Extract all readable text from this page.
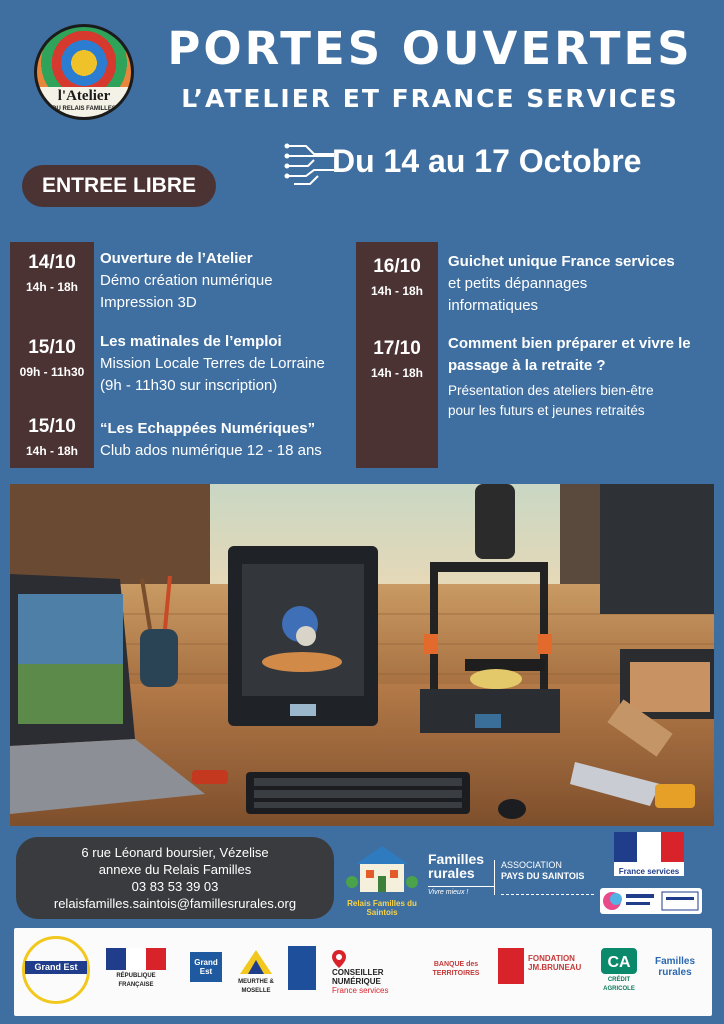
l'Atelier
DU RELAIS FAMILLES
PORTES OUVERTES
L’ATELIER ET FRANCE SERVICES
Du 14 au 17 Octobre
ENTREE LIBRE
14/10
14h - 18h
Ouverture de l’Atelier
Démo création numérique
Impression 3D
15/10
09h - 11h30
Les matinales de l’emploi
Mission Locale Terres de Lorraine
(9h - 11h30 sur inscription)
15/10
14h - 18h
“Les Echappées Numériques”
Club ados numérique 12 - 18 ans
16/10
14h - 18h
Guichet unique France services
et petits dépannages
informatiques
17/10
14h - 18h
Comment bien préparer et vivre le passage à la retraite ?
Présentation des ateliers bien-être
pour les futurs et jeunes retraités
6 rue Léonard boursier, Vézelise
annexe du Relais Familles
03 83 53 39 03
relaisfamilles.saintois@famillesrurales.org	Relais Familles du Saintois
Familles rurales
Vivre mieux !
ASSOCIATION
PAYS DU SAINTOIS	France services
Grand Est
RÉPUBLIQUE FRANÇAISE
Grand Est
MEURTHE & MOSELLE
CONSEILLER
NUMÉRIQUE
France services
BANQUE des TERRITOIRES
FONDATION
JM.BRUNEAU	CA
CRÉDIT AGRICOLE
Familles rurales
